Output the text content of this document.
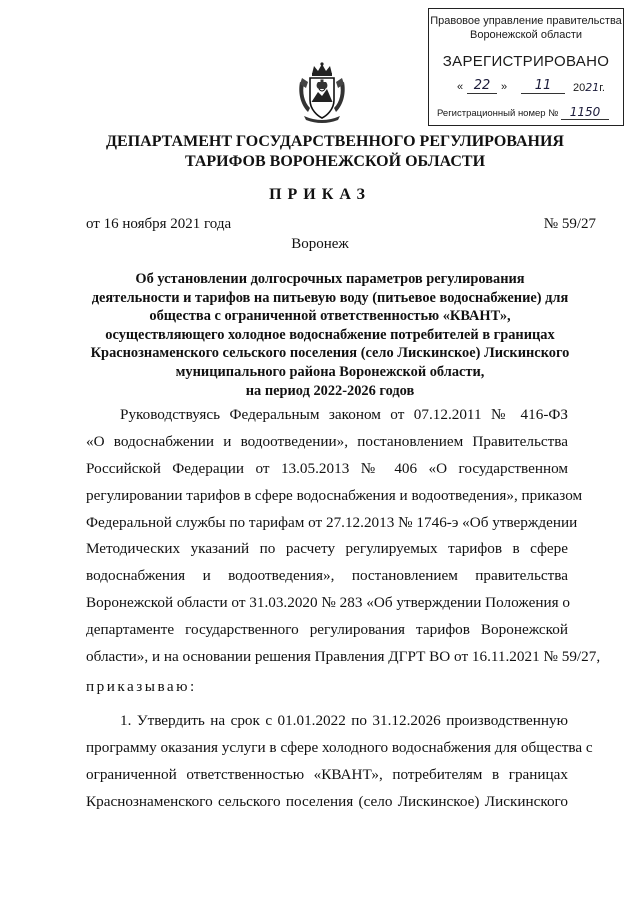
Правовое управление правительства
Воронежской области
ЗАРЕГИСТРИРОВАНО
« 22 »	11	2021г.
Регистрационный номер № 1150
ДЕПАРТАМЕНТ ГОСУДАРСТВЕННОГО РЕГУЛИРОВАНИЯ
ТАРИФОВ ВОРОНЕЖСКОЙ ОБЛАСТИ
ПРИКАЗ
от 16 ноября 2021 года	№ 59/27
Воронеж
Об установлении долгосрочных параметров регулирования
деятельности и тарифов на питьевую воду (питьевое водоснабжение) для
общества с ограниченной ответственностью «КВАНТ»,
осуществляющего холодное водоснабжение потребителей в границах
Краснознаменского сельского поселения (село Лискинское) Лискинского
муниципального района Воронежской области,
на период 2022-2026 годов
Руководствуясь Федеральным законом от 07.12.2011 № 416-ФЗ
«О водоснабжении и водоотведении», постановлением Правительства
Российской Федерации от 13.05.2013 № 406 «О государственном
регулировании тарифов в сфере водоснабжения и водоотведения», приказом
Федеральной службы по тарифам от 27.12.2013 № 1746-э «Об утверждении
Методических указаний по расчету регулируемых тарифов в сфере
водоснабжения и водоотведения», постановлением правительства
Воронежской области от 31.03.2020 № 283 «Об утверждении Положения о
департаменте государственного регулирования тарифов Воронежской
области», и на основании решения Правления ДГРТ ВО от 16.11.2021 № 59/27,
приказываю:
1. Утвердить на срок с 01.01.2022 по 31.12.2026 производственную
программу оказания услуги в сфере холодного водоснабжения для общества с
ограниченной ответственностью «КВАНТ», потребителям в границах
Краснознаменского сельского поселения (село Лискинское) Лискинского
